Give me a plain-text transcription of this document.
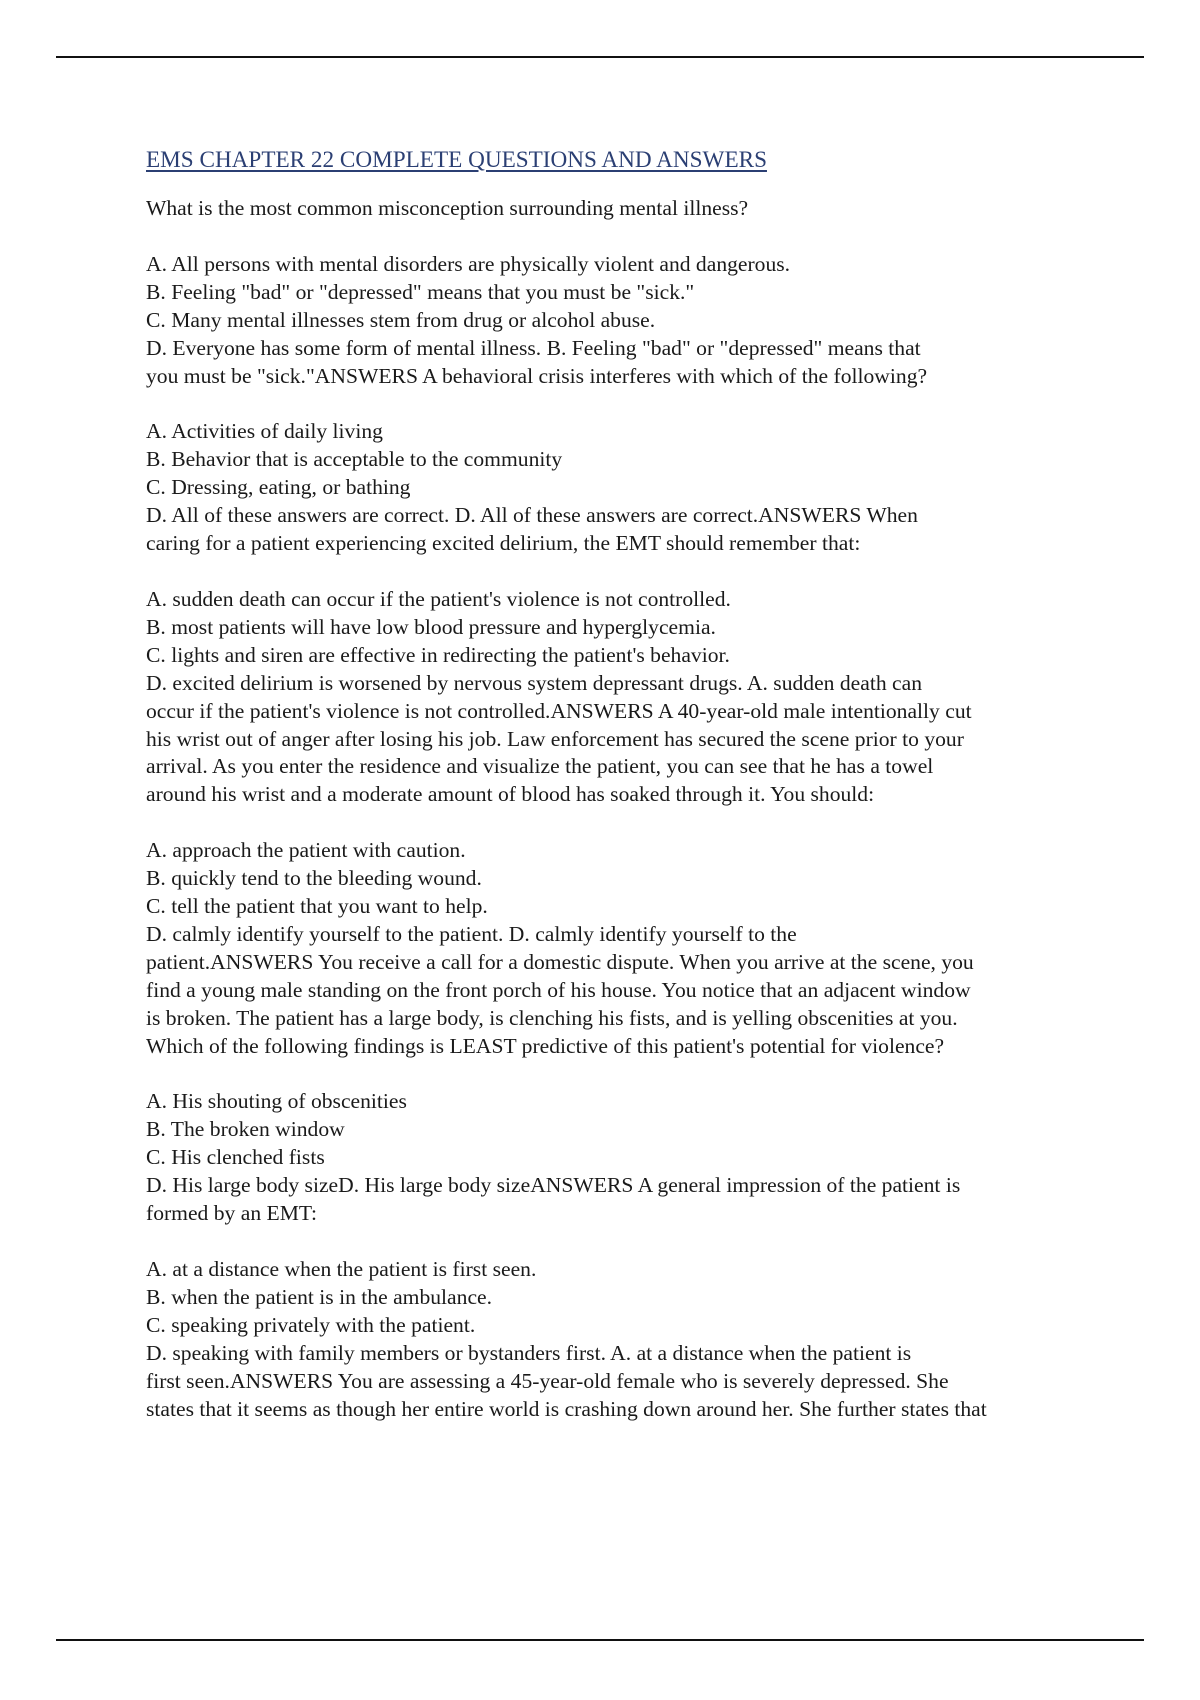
EMS CHAPTER 22 COMPLETE QUESTIONS AND ANSWERS
What is the most common misconception surrounding mental illness?
A. All persons with mental disorders are physically violent and dangerous.
B. Feeling "bad" or "depressed" means that you must be "sick."
C. Many mental illnesses stem from drug or alcohol abuse.
D. Everyone has some form of mental illness. B. Feeling "bad" or "depressed" means that
you must be "sick."ANSWERS A behavioral crisis interferes with which of the following?
A. Activities of daily living
B. Behavior that is acceptable to the community
C. Dressing, eating, or bathing
D. All of these answers are correct. D. All of these answers are correct.ANSWERS When
caring for a patient experiencing excited delirium, the EMT should remember that:
A. sudden death can occur if the patient's violence is not controlled.
B. most patients will have low blood pressure and hyperglycemia.
C. lights and siren are effective in redirecting the patient's behavior.
D. excited delirium is worsened by nervous system depressant drugs. A. sudden death can
occur if the patient's violence is not controlled.ANSWERS A 40-year-old male intentionally cut
his wrist out of anger after losing his job. Law enforcement has secured the scene prior to your
arrival. As you enter the residence and visualize the patient, you can see that he has a towel
around his wrist and a moderate amount of blood has soaked through it. You should:
A. approach the patient with caution.
B. quickly tend to the bleeding wound.
C. tell the patient that you want to help.
D. calmly identify yourself to the patient. D. calmly identify yourself to the
patient.ANSWERS You receive a call for a domestic dispute. When you arrive at the scene, you
find a young male standing on the front porch of his house. You notice that an adjacent window
is broken. The patient has a large body, is clenching his fists, and is yelling obscenities at you.
Which of the following findings is LEAST predictive of this patient's potential for violence?
A. His shouting of obscenities
B. The broken window
C. His clenched fists
D. His large body sizeD. His large body sizeANSWERS A general impression of the patient is
formed by an EMT:
A. at a distance when the patient is first seen.
B. when the patient is in the ambulance.
C. speaking privately with the patient.
D. speaking with family members or bystanders first. A. at a distance when the patient is
first seen.ANSWERS You are assessing a 45-year-old female who is severely depressed. She
states that it seems as though her entire world is crashing down around her. She further states that
